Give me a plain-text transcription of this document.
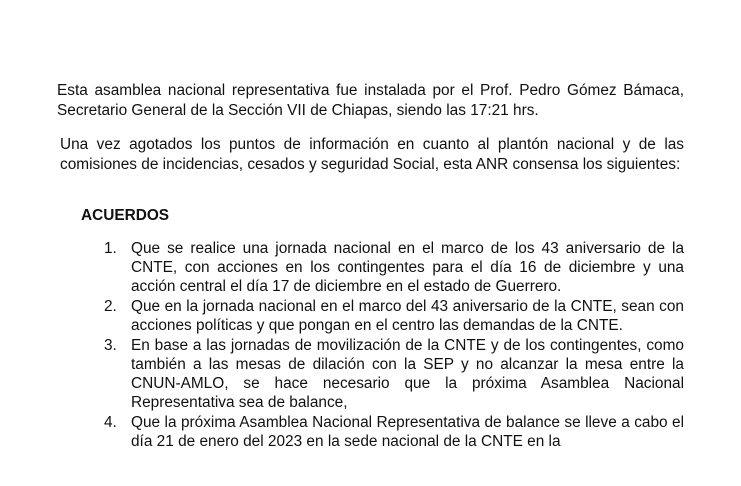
Esta asamblea nacional representativa fue instalada por el Prof. Pedro Gómez Bámaca, Secretario General de la Sección VII de Chiapas, siendo las 17:21 hrs.

Una vez agotados los puntos de información en cuanto al plantón nacional y de las comisiones de incidencias, cesados y seguridad Social, esta ANR consensa los siguientes:

ACUERDOS

1. Que se realice una jornada nacional en el marco de los 43 aniversario de la CNTE, con acciones en los contingentes para el día 16 de diciembre y una acción central el día 17 de diciembre en el estado de Guerrero.
2. Que en la jornada nacional en el marco del 43 aniversario de la CNTE, sean con acciones políticas y que pongan en el centro las demandas de la CNTE.
3. En base a las jornadas de movilización de la CNTE y de los contingentes, como también a las mesas de dilación con la SEP y no alcanzar la mesa entre la CNUN-AMLO, se hace necesario que la próxima Asamblea Nacional Representativa sea de balance,
4. Que la próxima Asamblea Nacional Representativa de balance se lleve a cabo el día 21 de enero del 2023 en la sede nacional de la CNTE en la
